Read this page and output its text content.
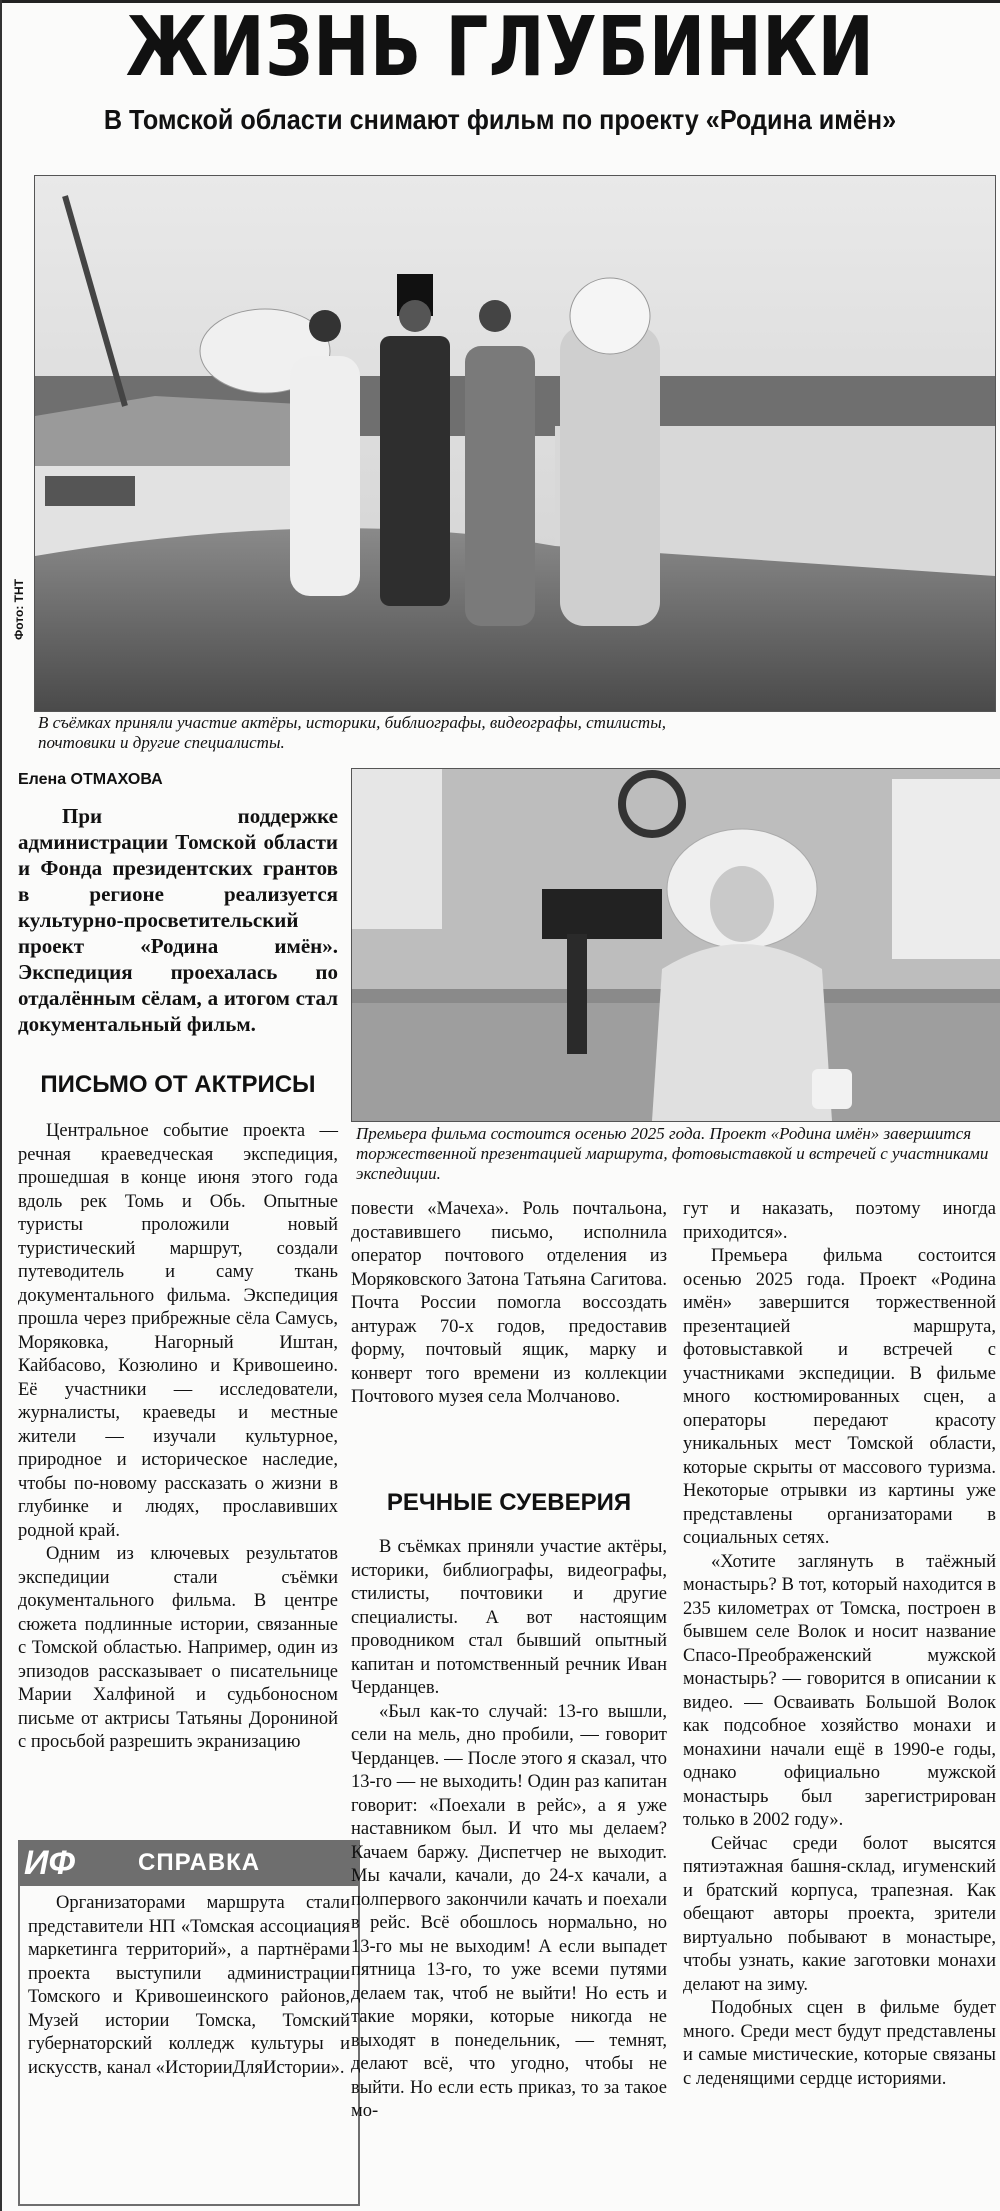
ЖИЗНЬ ГЛУБИНКИ
В Томской области снимают фильм по проекту «Родина имён»
Фото: ТНТ
В съёмках приняли участие актёры, историки, библиографы, видеографы, стилисты, почтовики и другие специалисты.
Елена ОТМАХОВА
Премьера фильма состоится осенью 2025 года. Проект «Родина имён» завершится торжественной презентацией маршрута, фотовыставкой и встречей с участниками экспедиции.
При поддержке администрации Томской области и Фонда президентских грантов в регионе реализуется культурно-просветительский проект «Родина имён». Экспедиция проехалась по отдалённым сёлам, а итогом стал документальный фильм.
ПИСЬМО ОТ АКТРИСЫ

Центральное событие проекта — речная краеведческая экспедиция, прошедшая в конце июня этого года вдоль рек Томь и Обь. Опытные туристы проложили новый туристический маршрут, создали путеводитель и саму ткань документального фильма. Экспедиция прошла через прибрежные сёла Самусь, Моряковка, Нагорный Иштан, Кайбасово, Козюлино и Кривошеино. Её участники — исследователи, журналисты, краеведы и местные жители — изучали культурное, природное и историческое наследие, чтобы по-новому рассказать о жизни в глубинке и людях, прославивших родной край.

Одним из ключевых результатов экспедиции стали съёмки документального фильма. В центре сюжета подлинные истории, связанные с Томской областью. Например, один из эпизодов рассказывает о писательнице Марии Халфиной и судьбоносном письме от актрисы Татьяны Дорониной с просьбой разрешить экранизацию

ИФ	СПРАВКА

Организаторами маршрута стали представители НП «Томская ассоциация маркетинга территорий», а партнёрами проекта выступили администрации Томского и Кривошеинского районов, Музей истории Томска, Томский губернаторский колледж культуры и искусств, канал «ИсторииДляИстории».

повести «Мачеха». Роль почтальона, доставившего письмо, исполнила оператор почтового отделения из Моряковского Затона Татьяна Сагитова. Почта России помогла воссоздать антураж 70-х годов, предоставив форму, почтовый ящик, марку и конверт того времени из коллекции Почтового музея села Молчаново.

РЕЧНЫЕ СУЕВЕРИЯ

В съёмках приняли участие актёры, историки, библиографы, видеографы, стилисты, почтовики и другие специалисты. А вот настоящим проводником стал бывший опытный капитан и потомственный речник Иван Черданцев.

«Был как-то случай: 13-го вышли, сели на мель, дно пробили, — говорит Черданцев. — После этого я сказал, что 13-го — не выходить! Один раз капитан говорит: «Поехали в рейс», а я уже наставником был. И что мы делаем? Качаем баржу. Диспетчер не выходит. Мы качали, качали, до 24-х качали, а полпервого закончили качать и поехали в рейс. Всё обошлось нормально, но 13-го мы не выходим! А если выпадет пятница 13-го, то уже всеми путями делаем так, чтоб не выйти! Но есть и такие моряки, которые никогда не выходят в понедельник, — темнят, делают всё, что угодно, чтобы не выйти. Но если есть приказ, то за такое мо-

гут и наказать, поэтому иногда приходится».

Премьера фильма состоится осенью 2025 года. Проект «Родина имён» завершится торжественной презентацией маршрута, фотовыставкой и встречей с участниками экспедиции. В фильме много костюмированных сцен, а операторы передают красоту уникальных мест Томской области, которые скрыты от массового туризма. Некоторые отрывки из картины уже представлены организаторами в социальных сетях.

«Хотите заглянуть в таёжный монастырь? В тот, который находится в 235 километрах от Томска, построен в бывшем селе Волок и носит название Спасо-Преображенский мужской монастырь? — говорится в описании к видео. — Осваивать Большой Волок как подсобное хозяйство монахи и монахини начали ещё в 1990-е годы, однако официально мужской монастырь был зарегистрирован только в 2002 году».

Сейчас среди болот высятся пятиэтажная башня-склад, игуменский и братский корпуса, трапезная. Как обещают авторы проекта, зрители виртуально побывают в монастыре, чтобы узнать, какие заготовки монахи делают на зиму.

Подобных сцен в фильме будет много. Среди мест будут представлены и самые мистические, которые связаны с леденящими сердце историями.
